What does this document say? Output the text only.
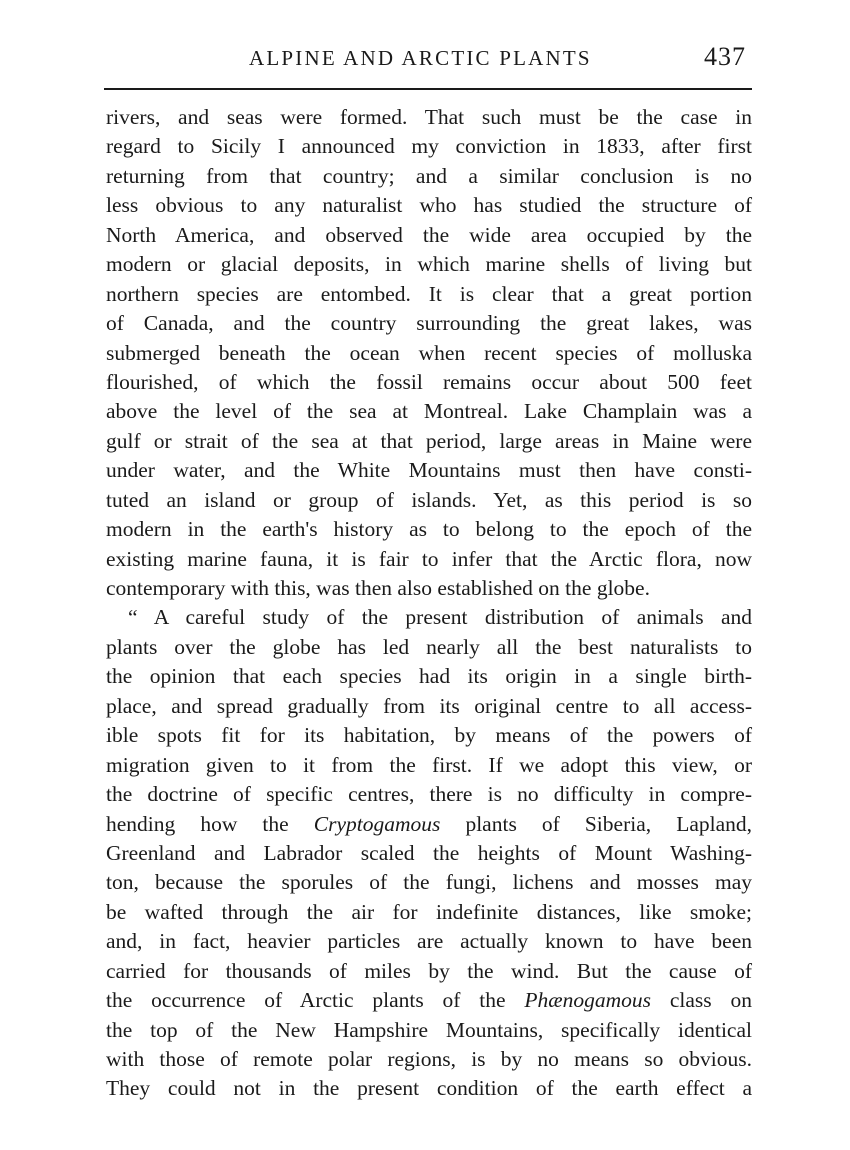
ALPINE AND ARCTIC PLANTS	437
rivers, and seas were formed. That such must be the case in
regard to Sicily I announced my conviction in 1833, after first
returning from that country; and a similar conclusion is no
less obvious to any naturalist who has studied the structure of
North America, and observed the wide area occupied by the
modern or glacial deposits, in which marine shells of living but
northern species are entombed. It is clear that a great portion
of Canada, and the country surrounding the great lakes, was
submerged beneath the ocean when recent species of molluska
flourished, of which the fossil remains occur about 500 feet
above the level of the sea at Montreal. Lake Champlain was a
gulf or strait of the sea at that period, large areas in Maine were
under water, and the White Mountains must then have consti-
tuted an island or group of islands. Yet, as this period is so
modern in the earth's history as to belong to the epoch of the
existing marine fauna, it is fair to infer that the Arctic flora, now
contemporary with this, was then also established on the globe.
“ A careful study of the present distribution of animals and
plants over the globe has led nearly all the best naturalists to
the opinion that each species had its origin in a single birth-
place, and spread gradually from its original centre to all access-
ible spots fit for its habitation, by means of the powers of
migration given to it from the first. If we adopt this view, or
the doctrine of specific centres, there is no difficulty in compre-
hending how the Cryptogamous plants of Siberia, Lapland,
Greenland and Labrador scaled the heights of Mount Washing-
ton, because the sporules of the fungi, lichens and mosses may
be wafted through the air for indefinite distances, like smoke;
and, in fact, heavier particles are actually known to have been
carried for thousands of miles by the wind. But the cause of
the occurrence of Arctic plants of the Phænogamous class on
the top of the New Hampshire Mountains, specifically identical
with those of remote polar regions, is by no means so obvious.
They could not in the present condition of the earth effect a
